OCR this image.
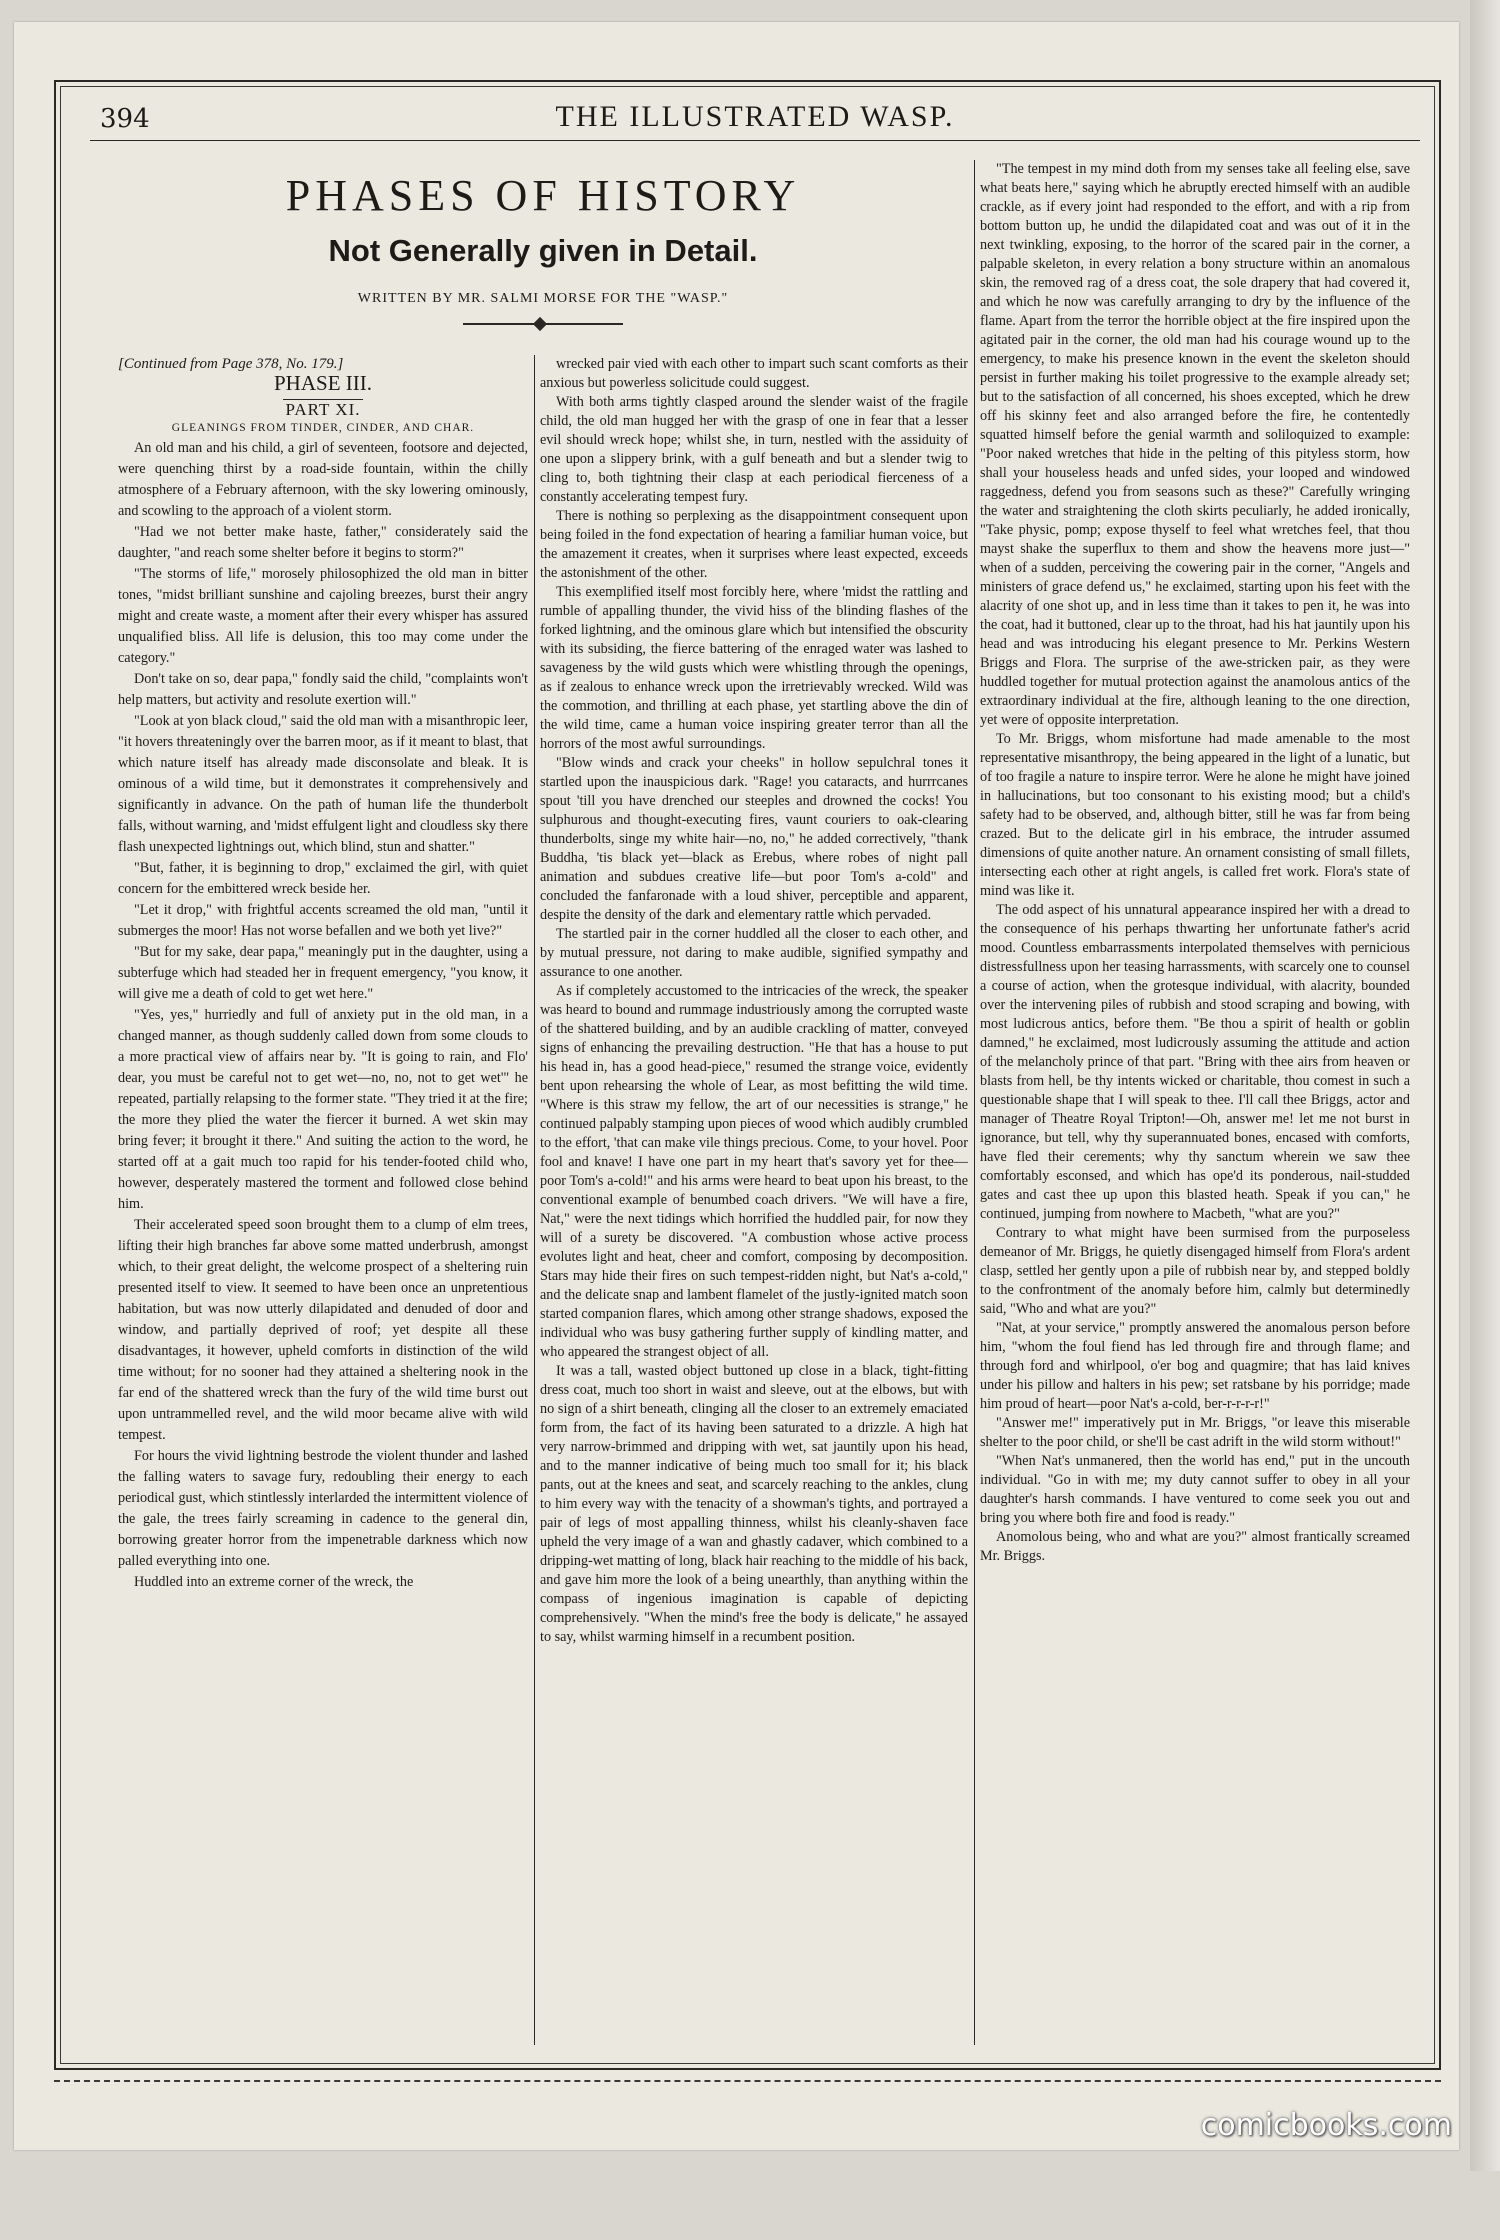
394	THE ILLUSTRATED WASP.
PHASES OF HISTORY
Not Generally given in Detail.
WRITTEN BY MR. SALMI MORSE FOR THE "WASP."

[Continued from Page 378, No. 179.]

PHASE III.

PART XI.

GLEANINGS FROM TINDER, CINDER, AND CHAR.

An old man and his child, a girl of seventeen, footsore and dejected, were quenching thirst by a road-side fountain, within the chilly atmosphere of a February afternoon, with the sky lowering ominously, and scowling to the approach of a violent storm.

"Had we not better make haste, father," considerately said the daughter, "and reach some shelter before it begins to storm?"

"The storms of life," morosely philosophized the old man in bitter tones, "midst brilliant sunshine and cajoling breezes, burst their angry might and create waste, a moment after their every whisper has assured unqualified bliss. All life is delusion, this too may come under the category."

Don't take on so, dear papa," fondly said the child, "complaints won't help matters, but activity and resolute exertion will."

"Look at yon black cloud," said the old man with a misanthropic leer, "it hovers threateningly over the barren moor, as if it meant to blast, that which nature itself has already made disconsolate and bleak. It is ominous of a wild time, but it demonstrates it comprehensively and significantly in advance. On the path of human life the thunderbolt falls, without warning, and 'midst effulgent light and cloudless sky there flash unexpected lightnings out, which blind, stun and shatter."

"But, father, it is beginning to drop," exclaimed the girl, with quiet concern for the embittered wreck beside her.

"Let it drop," with frightful accents screamed the old man, "until it submerges the moor! Has not worse befallen and we both yet live?"

"But for my sake, dear papa," meaningly put in the daughter, using a subterfuge which had steaded her in frequent emergency, "you know, it will give me a death of cold to get wet here."

"Yes, yes," hurriedly and full of anxiety put in the old man, in a changed manner, as though suddenly called down from some clouds to a more practical view of affairs near by. "It is going to rain, and Flo' dear, you must be careful not to get wet—no, no, not to get wet'" he repeated, partially relapsing to the former state. "They tried it at the fire; the more they plied the water the fiercer it burned. A wet skin may bring fever; it brought it there." And suiting the action to the word, he started off at a gait much too rapid for his tender-footed child who, however, desperately mastered the torment and followed close behind him.

Their accelerated speed soon brought them to a clump of elm trees, lifting their high branches far above some matted underbrush, amongst which, to their great delight, the welcome prospect of a sheltering ruin presented itself to view. It seemed to have been once an unpretentious habitation, but was now utterly dilapidated and denuded of door and window, and partially deprived of roof; yet despite all these disadvantages, it however, upheld comforts in distinction of the wild time without; for no sooner had they attained a sheltering nook in the far end of the shattered wreck than the fury of the wild time burst out upon untrammelled revel, and the wild moor became alive with wild tempest.

For hours the vivid lightning bestrode the violent thunder and lashed the falling waters to savage fury, redoubling their energy to each periodical gust, which stintlessly interlarded the intermittent violence of the gale, the trees fairly screaming in cadence to the general din, borrowing greater horror from the impenetrable darkness which now palled everything into one.

Huddled into an extreme corner of the wreck, the

wrecked pair vied with each other to impart such scant comforts as their anxious but powerless solicitude could suggest.

With both arms tightly clasped around the slender waist of the fragile child, the old man hugged her with the grasp of one in fear that a lesser evil should wreck hope; whilst she, in turn, nestled with the assiduity of one upon a slippery brink, with a gulf beneath and but a slender twig to cling to, both tightning their clasp at each periodical fierceness of a constantly accelerating tempest fury.

There is nothing so perplexing as the disappointment consequent upon being foiled in the fond expectation of hearing a familiar human voice, but the amazement it creates, when it surprises where least expected, exceeds the astonishment of the other.

This exemplified itself most forcibly here, where 'midst the rattling and rumble of appalling thunder, the vivid hiss of the blinding flashes of the forked lightning, and the ominous glare which but intensified the obscurity with its subsiding, the fierce battering of the enraged water was lashed to savageness by the wild gusts which were whistling through the openings, as if zealous to enhance wreck upon the irretrievably wrecked. Wild was the commotion, and thrilling at each phase, yet startling above the din of the wild time, came a human voice inspiring greater terror than all the horrors of the most awful surroundings.

"Blow winds and crack your cheeks" in hollow sepulchral tones it startled upon the inauspicious dark. "Rage! you cataracts, and hurrrcanes spout 'till you have drenched our steeples and drowned the cocks! You sulphurous and thought-executing fires, vaunt couriers to oak-clearing thunderbolts, singe my white hair—no, no," he added correctively, "thank Buddha, 'tis black yet—black as Erebus, where robes of night pall animation and subdues creative life—but poor Tom's a-cold" and concluded the fanfaronade with a loud shiver, perceptible and apparent, despite the density of the dark and elementary rattle which pervaded.

The startled pair in the corner huddled all the closer to each other, and by mutual pressure, not daring to make audible, signified sympathy and assurance to one another.

As if completely accustomed to the intricacies of the wreck, the speaker was heard to bound and rummage industriously among the corrupted waste of the shattered building, and by an audible crackling of matter, conveyed signs of enhancing the prevailing destruction. "He that has a house to put his head in, has a good head-piece," resumed the strange voice, evidently bent upon rehearsing the whole of Lear, as most befitting the wild time. "Where is this straw my fellow, the art of our necessities is strange," he continued palpably stamping upon pieces of wood which audibly crumbled to the effort, 'that can make vile things precious. Come, to your hovel. Poor fool and knave! I have one part in my heart that's savory yet for thee—poor Tom's a-cold!" and his arms were heard to beat upon his breast, to the conventional example of benumbed coach drivers. "We will have a fire, Nat," were the next tidings which horrified the huddled pair, for now they will of a surety be discovered. "A combustion whose active process evolutes light and heat, cheer and comfort, composing by decomposition. Stars may hide their fires on such tempest-ridden night, but Nat's a-cold," and the delicate snap and lambent flamelet of the justly-ignited match soon started companion flares, which among other strange shadows, exposed the individual who was busy gathering further supply of kindling matter, and who appeared the strangest object of all.

It was a tall, wasted object buttoned up close in a black, tight-fitting dress coat, much too short in waist and sleeve, out at the elbows, but with no sign of a shirt beneath, clinging all the closer to an extremely emaciated form from, the fact of its having been saturated to a drizzle. A high hat very narrow-brimmed and dripping with wet, sat jauntily upon his head, and to the manner indicative of being much too small for it; his black pants, out at the knees and seat, and scarcely reaching to the ankles, clung to him every way with the tenacity of a showman's tights, and portrayed a pair of legs of most appalling thinness, whilst his cleanly-shaven face upheld the very image of a wan and ghastly cadaver, which combined to a dripping-wet matting of long, black hair reaching to the middle of his back, and gave him more the look of a being unearthly, than anything within the compass of ingenious imagination is capable of depicting comprehensively. "When the mind's free the body is delicate," he assayed to say, whilst warming himself in a recumbent position.

"The tempest in my mind doth from my senses take all feeling else, save what beats here," saying which he abruptly erected himself with an audible crackle, as if every joint had responded to the effort, and with a rip from bottom button up, he undid the dilapidated coat and was out of it in the next twinkling, exposing, to the horror of the scared pair in the corner, a palpable skeleton, in every relation a bony structure within an anomalous skin, the removed rag of a dress coat, the sole drapery that had covered it, and which he now was carefully arranging to dry by the influence of the flame. Apart from the terror the horrible object at the fire inspired upon the agitated pair in the corner, the old man had his courage wound up to the emergency, to make his presence known in the event the skeleton should persist in further making his toilet progressive to the example already set; but to the satisfaction of all concerned, his shoes excepted, which he drew off his skinny feet and also arranged before the fire, he contentedly squatted himself before the genial warmth and soliloquized to example: "Poor naked wretches that hide in the pelting of this pityless storm, how shall your houseless heads and unfed sides, your looped and windowed raggedness, defend you from seasons such as these?" Carefully wringing the water and straightening the cloth skirts peculiarly, he added ironically, "Take physic, pomp; expose thyself to feel what wretches feel, that thou mayst shake the superflux to them and show the heavens more just—" when of a sudden, perceiving the cowering pair in the corner, "Angels and ministers of grace defend us," he exclaimed, starting upon his feet with the alacrity of one shot up, and in less time than it takes to pen it, he was into the coat, had it buttoned, clear up to the throat, had his hat jauntily upon his head and was introducing his elegant presence to Mr. Perkins Western Briggs and Flora. The surprise of the awe-stricken pair, as they were huddled together for mutual protection against the anamolous antics of the extraordinary individual at the fire, although leaning to the one direction, yet were of opposite interpretation.

To Mr. Briggs, whom misfortune had made amenable to the most representative misanthropy, the being appeared in the light of a lunatic, but of too fragile a nature to inspire terror. Were he alone he might have joined in hallucinations, but too consonant to his existing mood; but a child's safety had to be observed, and, although bitter, still he was far from being crazed. But to the delicate girl in his embrace, the intruder assumed dimensions of quite another nature. An ornament consisting of small fillets, intersecting each other at right angels, is called fret work. Flora's state of mind was like it.

The odd aspect of his unnatural appearance inspired her with a dread to the consequence of his perhaps thwarting her unfortunate father's acrid mood. Countless embarrassments interpolated themselves with pernicious distressfullness upon her teasing harrassments, with scarcely one to counsel a course of action, when the grotesque individual, with alacrity, bounded over the intervening piles of rubbish and stood scraping and bowing, with most ludicrous antics, before them. "Be thou a spirit of health or goblin damned," he exclaimed, most ludicrously assuming the attitude and action of the melancholy prince of that part. "Bring with thee airs from heaven or blasts from hell, be thy intents wicked or charitable, thou comest in such a questionable shape that I will speak to thee. I'll call thee Briggs, actor and manager of Theatre Royal Tripton!—Oh, answer me! let me not burst in ignorance, but tell, why thy superannuated bones, encased with comforts, have fled their cerements; why thy sanctum wherein we saw thee comfortably esconsed, and which has ope'd its ponderous, nail-studded gates and cast thee up upon this blasted heath. Speak if you can," he continued, jumping from nowhere to Macbeth, "what are you?"

Contrary to what might have been surmised from the purposeless demeanor of Mr. Briggs, he quietly disengaged himself from Flora's ardent clasp, settled her gently upon a pile of rubbish near by, and stepped boldly to the confrontment of the anomaly before him, calmly but determinedly said, "Who and what are you?"

"Nat, at your service," promptly answered the anomalous person before him, "whom the foul fiend has led through fire and through flame; and through ford and whirlpool, o'er bog and quagmire; that has laid knives under his pillow and halters in his pew; set ratsbane by his porridge; made him proud of heart—poor Nat's a-cold, ber-r-r-r-r!"

"Answer me!" imperatively put in Mr. Briggs, "or leave this miserable shelter to the poor child, or she'll be cast adrift in the wild storm without!"

"When Nat's unmanered, then the world has end," put in the uncouth individual. "Go in with me; my duty cannot suffer to obey in all your daughter's harsh commands. I have ventured to come seek you out and bring you where both fire and food is ready."

Anomolous being, who and what are you?" almost frantically screamed Mr. Briggs.

comicbooks.com
